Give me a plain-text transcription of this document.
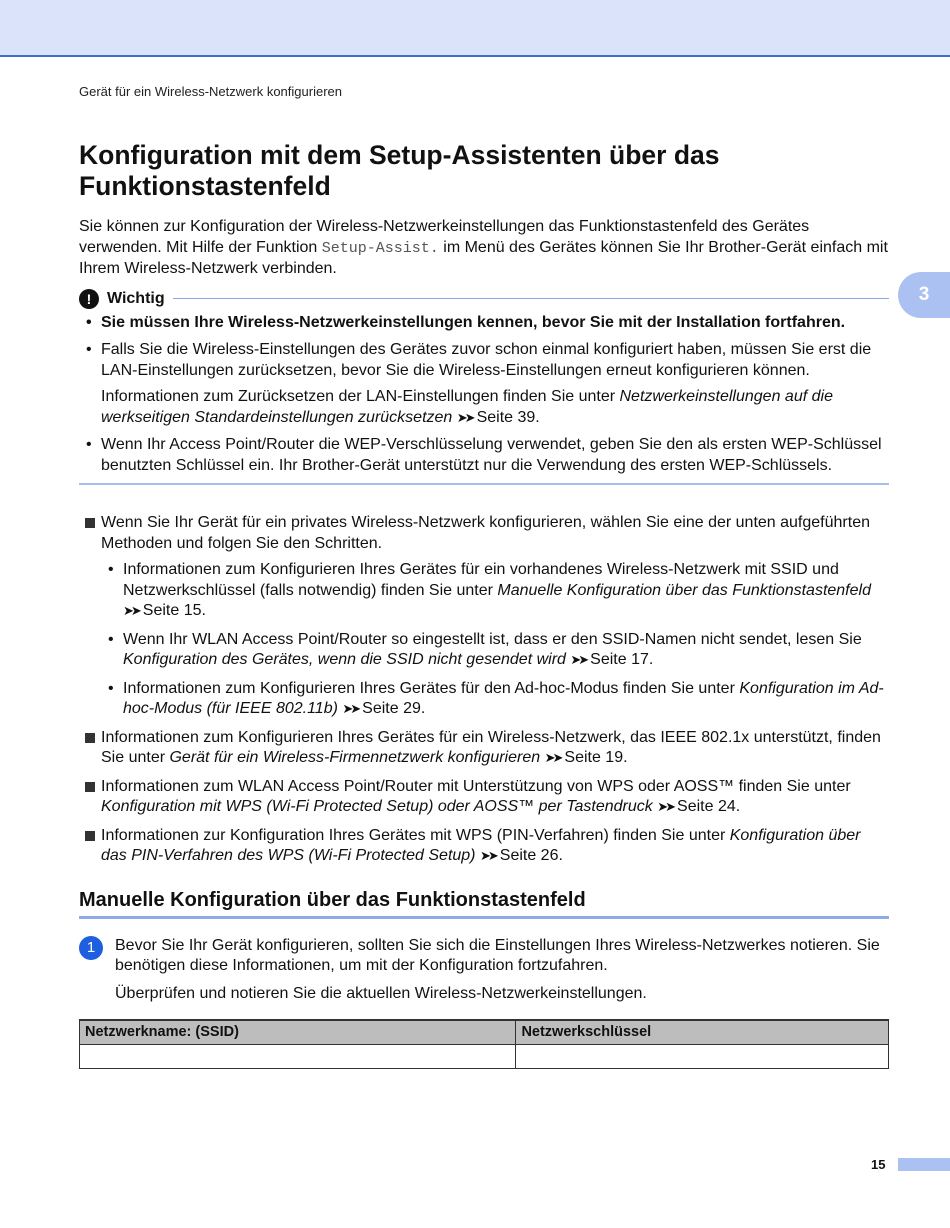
Gerät für ein Wireless-Netzwerk konfigurieren
3
Konfiguration mit dem Setup-Assistenten über das Funktionstastenfeld

Sie können zur Konfiguration der Wireless-Netzwerkeinstellungen das Funktionstastenfeld des Gerätes verwenden. Mit Hilfe der Funktion Setup-Assist. im Menü des Gerätes können Sie Ihr Brother-Gerät einfach mit Ihrem Wireless-Netzwerk verbinden.

! Wichtig
• Sie müssen Ihre Wireless-Netzwerkeinstellungen kennen, bevor Sie mit der Installation fortfahren.
• Falls Sie die Wireless-Einstellungen des Gerätes zuvor schon einmal konfiguriert haben, müssen Sie erst die LAN-Einstellungen zurücksetzen, bevor Sie die Wireless-Einstellungen erneut konfigurieren können.

Informationen zum Zurücksetzen der LAN-Einstellungen finden Sie unter Netzwerkeinstellungen auf die werkseitigen Standardeinstellungen zurücksetzen ➤➤ Seite 39.

• Wenn Ihr Access Point/Router die WEP-Verschlüsselung verwendet, geben Sie den als ersten WEP-Schlüssel benutzten Schlüssel ein. Ihr Brother-Gerät unterstützt nur die Verwendung des ersten WEP-Schlüssels.
Wenn Sie Ihr Gerät für ein privates Wireless-Netzwerk konfigurieren, wählen Sie eine der unten aufgeführten Methoden und folgen Sie den Schritten.
• Informationen zum Konfigurieren Ihres Gerätes für ein vorhandenes Wireless-Netzwerk mit SSID und Netzwerkschlüssel (falls notwendig) finden Sie unter Manuelle Konfiguration über das Funktionstastenfeld ➤➤ Seite 15.
• Wenn Ihr WLAN Access Point/Router so eingestellt ist, dass er den SSID-Namen nicht sendet, lesen Sie Konfiguration des Gerätes, wenn die SSID nicht gesendet wird ➤➤ Seite 17.
• Informationen zum Konfigurieren Ihres Gerätes für den Ad-hoc-Modus finden Sie unter Konfiguration im Ad-hoc-Modus (für IEEE 802.11b) ➤➤ Seite 29.
Informationen zum Konfigurieren Ihres Gerätes für ein Wireless-Netzwerk, das IEEE 802.1x unterstützt, finden Sie unter Gerät für ein Wireless-Firmennetzwerk konfigurieren ➤➤ Seite 19.
Informationen zum WLAN Access Point/Router mit Unterstützung von WPS oder AOSS™ finden Sie unter Konfiguration mit WPS (Wi-Fi Protected Setup) oder AOSS™ per Tastendruck ➤➤ Seite 24.
Informationen zur Konfiguration Ihres Gerätes mit WPS (PIN-Verfahren) finden Sie unter Konfiguration über das PIN-Verfahren des WPS (Wi-Fi Protected Setup) ➤➤ Seite 26.
Manuelle Konfiguration über das Funktionstastenfeld
1	Bevor Sie Ihr Gerät konfigurieren, sollten Sie sich die Einstellungen Ihres Wireless-Netzwerkes notieren. Sie benötigen diese Informationen, um mit der Konfiguration fortzufahren.

Überprüfen und notieren Sie die aktuellen Wireless-Netzwerkeinstellungen.

Netzwerkname: (SSID)	Netzwerkschlüssel

15
